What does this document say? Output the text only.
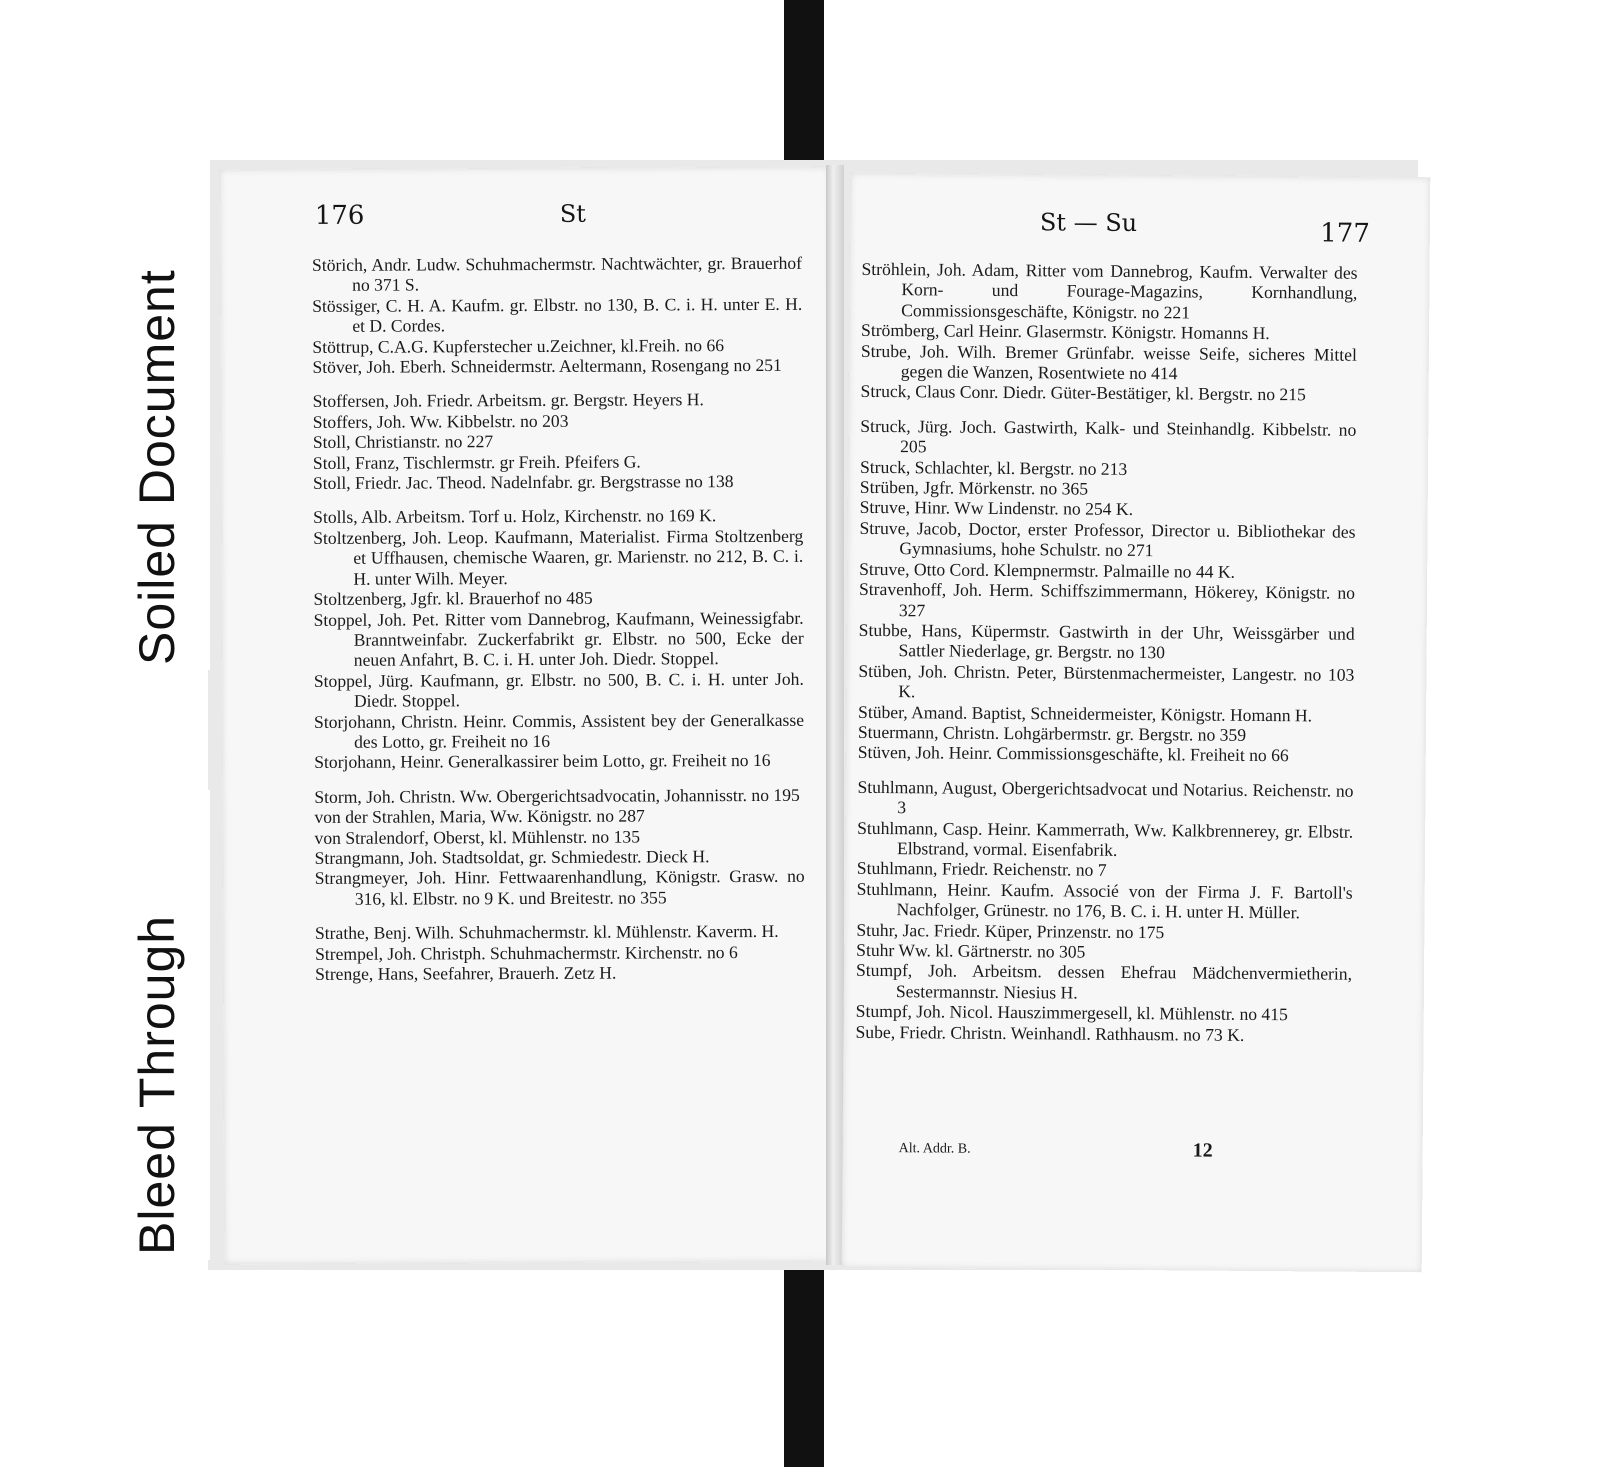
176	St
Störich, Andr. Ludw. Schuhmachermstr. Nachtwächter, gr. Brauerhof no 371 S.
Stössiger, C. H. A. Kaufm. gr. Elbstr. no 130, B. C. i. H. unter E. H. et D. Cordes.
Stöttrup, C.A.G. Kupferstecher u.Zeichner, kl.Freih. no 66
Stöver, Joh. Eberh. Schneidermstr. Aeltermann, Rosengang no 251
Stoffersen, Joh. Friedr. Arbeitsm. gr. Bergstr. Heyers H.
Stoffers, Joh. Ww. Kibbelstr. no 203
Stoll, Christianstr. no 227
Stoll, Franz, Tischlermstr. gr Freih. Pfeifers G.
Stoll, Friedr. Jac. Theod. Nadelnfabr. gr. Bergstrasse no 138
Stolls, Alb. Arbeitsm. Torf u. Holz, Kirchenstr. no 169 K.
Stoltzenberg, Joh. Leop. Kaufmann, Materialist. Firma Stoltzenberg et Uffhausen, chemische Waaren, gr. Marienstr. no 212, B. C. i. H. unter Wilh. Meyer.
Stoltzenberg, Jgfr. kl. Brauerhof no 485
Stoppel, Joh. Pet. Ritter vom Dannebrog, Kaufmann, Weinessigfabr. Branntweinfabr. Zuckerfabrikt gr. Elbstr. no 500, Ecke der neuen Anfahrt, B. C. i. H. unter Joh. Diedr. Stoppel.
Stoppel, Jürg. Kaufmann, gr. Elbstr. no 500, B. C. i. H. unter Joh. Diedr. Stoppel.
Storjohann, Christn. Heinr. Commis, Assistent bey der Generalkasse des Lotto, gr. Freiheit no 16
Storjohann, Heinr. Generalkassirer beim Lotto, gr. Freiheit no 16
Storm, Joh. Christn. Ww. Obergerichtsadvocatin, Johannisstr. no 195
von der Strahlen, Maria, Ww. Königstr. no 287
von Stralendorf, Oberst, kl. Mühlenstr. no 135
Strangmann, Joh. Stadtsoldat, gr. Schmiedestr. Dieck H.
Strangmeyer, Joh. Hinr. Fettwaarenhandlung, Königstr. Grasw. no 316, kl. Elbstr. no 9 K. und Breitestr. no 355
Strathe, Benj. Wilh. Schuhmachermstr. kl. Mühlenstr. Kaverm. H.
Strempel, Joh. Christph. Schuhmachermstr. Kirchenstr. no 6
Strenge, Hans, Seefahrer, Brauerh. Zetz H.
St — Su	177
Ströhlein, Joh. Adam, Ritter vom Dannebrog, Kaufm. Verwalter des Korn- und Fourage-Magazins, Kornhandlung, Commissionsgeschäfte, Königstr. no 221
Strömberg, Carl Heinr. Glasermstr. Königstr. Homanns H.
Strube, Joh. Wilh. Bremer Grünfabr. weisse Seife, sicheres Mittel gegen die Wanzen, Rosentwiete no 414
Struck, Claus Conr. Diedr. Güter-Bestätiger, kl. Bergstr. no 215
Struck, Jürg. Joch. Gastwirth, Kalk- und Steinhandlg. Kibbelstr. no 205
Struck, Schlachter, kl. Bergstr. no 213
Strüben, Jgfr. Mörkenstr. no 365
Struve, Hinr. Ww Lindenstr. no 254 K.
Struve, Jacob, Doctor, erster Professor, Director u. Bibliothekar des Gymnasiums, hohe Schulstr. no 271
Struve, Otto Cord. Klempnermstr. Palmaille no 44 K.
Stravenhoff, Joh. Herm. Schiffszimmermann, Hökerey, Königstr. no 327
Stubbe, Hans, Küpermstr. Gastwirth in der Uhr, Weissgärber und Sattler Niederlage, gr. Bergstr. no 130
Stüben, Joh. Christn. Peter, Bürstenmachermeister, Langestr. no 103 K.
Stüber, Amand. Baptist, Schneidermeister, Königstr. Homann H.
Stuermann, Christn. Lohgärbermstr. gr. Bergstr. no 359
Stüven, Joh. Heinr. Commissionsgeschäfte, kl. Freiheit no 66
Stuhlmann, August, Obergerichtsadvocat und Notarius. Reichenstr. no 3
Stuhlmann, Casp. Heinr. Kammerrath, Ww. Kalkbrennerey, gr. Elbstr. Elbstrand, vormal. Eisenfabrik.
Stuhlmann, Friedr. Reichenstr. no 7
Stuhlmann, Heinr. Kaufm. Associé von der Firma J. F. Bartoll's Nachfolger, Grünestr. no 176, B. C. i. H. unter H. Müller.
Stuhr, Jac. Friedr. Küper, Prinzenstr. no 175
Stuhr Ww. kl. Gärtnerstr. no 305
Stumpf, Joh. Arbeitsm. dessen Ehefrau Mädchenvermietherin, Sestermannstr. Niesius H.
Stumpf, Joh. Nicol. Hauszimmergesell, kl. Mühlenstr. no 415
Sube, Friedr. Christn. Weinhandl. Rathhausm. no 73 K.
Alt. Addr. B.	12
Soiled Document
Bleed Through
